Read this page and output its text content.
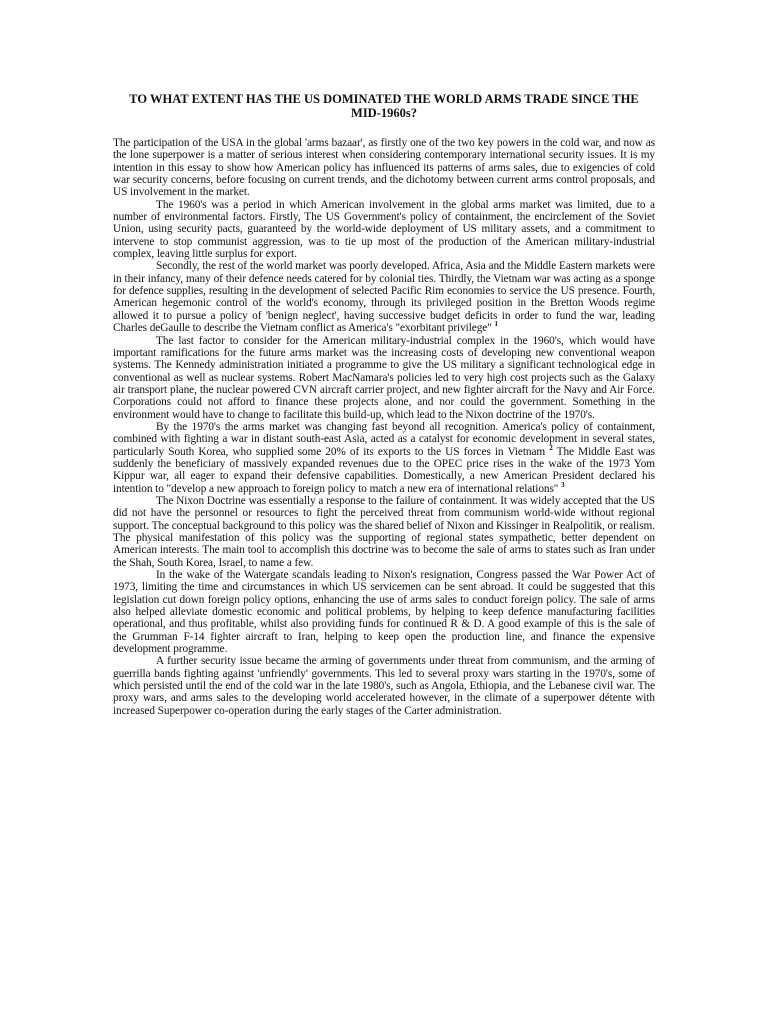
TO WHAT EXTENT HAS THE US DOMINATED THE WORLD ARMS TRADE SINCE THE MID-1960s?

The participation of the USA in the global 'arms bazaar', as firstly one of the two key powers in the cold war, and now as the lone superpower is a matter of serious interest when considering contemporary international security issues. It is my intention in this essay to show how American policy has influenced its patterns of arms sales, due to exigencies of cold war security concerns, before focusing on current trends, and the dichotomy between current arms control proposals, and US involvement in the market.

The 1960's was a period in which American involvement in the global arms market was limited, due to a number of environmental factors. Firstly, The US Government's policy of containment, the encirclement of the Soviet Union, using security pacts, guaranteed by the world-wide deployment of US military assets, and a commitment to intervene to stop communist aggression, was to tie up most of the production of the American military-industrial complex, leaving little surplus for export.

Secondly, the rest of the world market was poorly developed. Africa, Asia and the Middle Eastern markets were in their infancy, many of their defence needs catered for by colonial ties. Thirdly, the Vietnam war was acting as a sponge for defence supplies, resulting in the development of selected Pacific Rim economies to service the US presence. Fourth, American hegemonic control of the world's economy, through its privileged position in the Bretton Woods regime allowed it to pursue a policy of 'benign neglect', having successive budget deficits in order to fund the war, leading Charles deGaulle to describe the Vietnam conflict as America's "exorbitant privilege" $^1$

The last factor to consider for the American military-industrial complex in the 1960's, which would have important ramifications for the future arms market was the increasing costs of developing new conventional weapon systems. The Kennedy administration initiated a programme to give the US military a significant technological edge in conventional as well as nuclear systems. Robert MacNamara's policies led to very high cost projects such as the Galaxy air transport plane, the nuclear powered CVN aircraft carrier project, and new fighter aircraft for the Navy and Air Force. Corporations could not afford to finance these projects alone, and nor could the government. Something in the environment would have to change to facilitate this build-up, which lead to the Nixon doctrine of the 1970's.

By the 1970's the arms market was changing fast beyond all recognition. America's policy of containment, combined with fighting a war in distant south-east Asia, acted as a catalyst for economic development in several states, particularly South Korea, who supplied some 20% of its exports to the US forces in Vietnam $^2$ The Middle East was suddenly the beneficiary of massively expanded revenues due to the OPEC price rises in the wake of the 1973 Yom Kippur war, all eager to expand their defensive capabilities. Domestically, a new American President declared his intention to "develop a new approach to foreign policy to match a new era of international relations" $^3$

The Nixon Doctrine was essentially a response to the failure of containment. It was widely accepted that the US did not have the personnel or resources to fight the perceived threat from communism world-wide without regional support. The conceptual background to this policy was the shared belief of Nixon and Kissinger in Realpolitik, or realism. The physical manifestation of this policy was the supporting of regional states sympathetic, better dependent on American interests. The main tool to accomplish this doctrine was to become the sale of arms to states such as Iran under the Shah, South Korea, Israel, to name a few.

In the wake of the Watergate scandals leading to Nixon's resignation, Congress passed the War Power Act of 1973, limiting the time and circumstances in which US servicemen can be sent abroad. It could be suggested that this legislation cut down foreign policy options, enhancing the use of arms sales to conduct foreign policy. The sale of arms also helped alleviate domestic economic and political problems, by helping to keep defence manufacturing facilities operational, and thus profitable, whilst also providing funds for continued R & D. A good example of this is the sale of the Grumman F-14 fighter aircraft to Iran, helping to keep open the production line, and finance the expensive development programme.

A further security issue became the arming of governments under threat from communism, and the arming of guerrilla bands fighting against 'unfriendly' governments. This led to several proxy wars starting in the 1970's, some of which persisted until the end of the cold war in the late 1980's, such as Angola, Ethiopia, and the Lebanese civil war. The proxy wars, and arms sales to the developing world accelerated however, in the climate of a superpower détente with increased Superpower co-operation during the early stages of the Carter administration.
